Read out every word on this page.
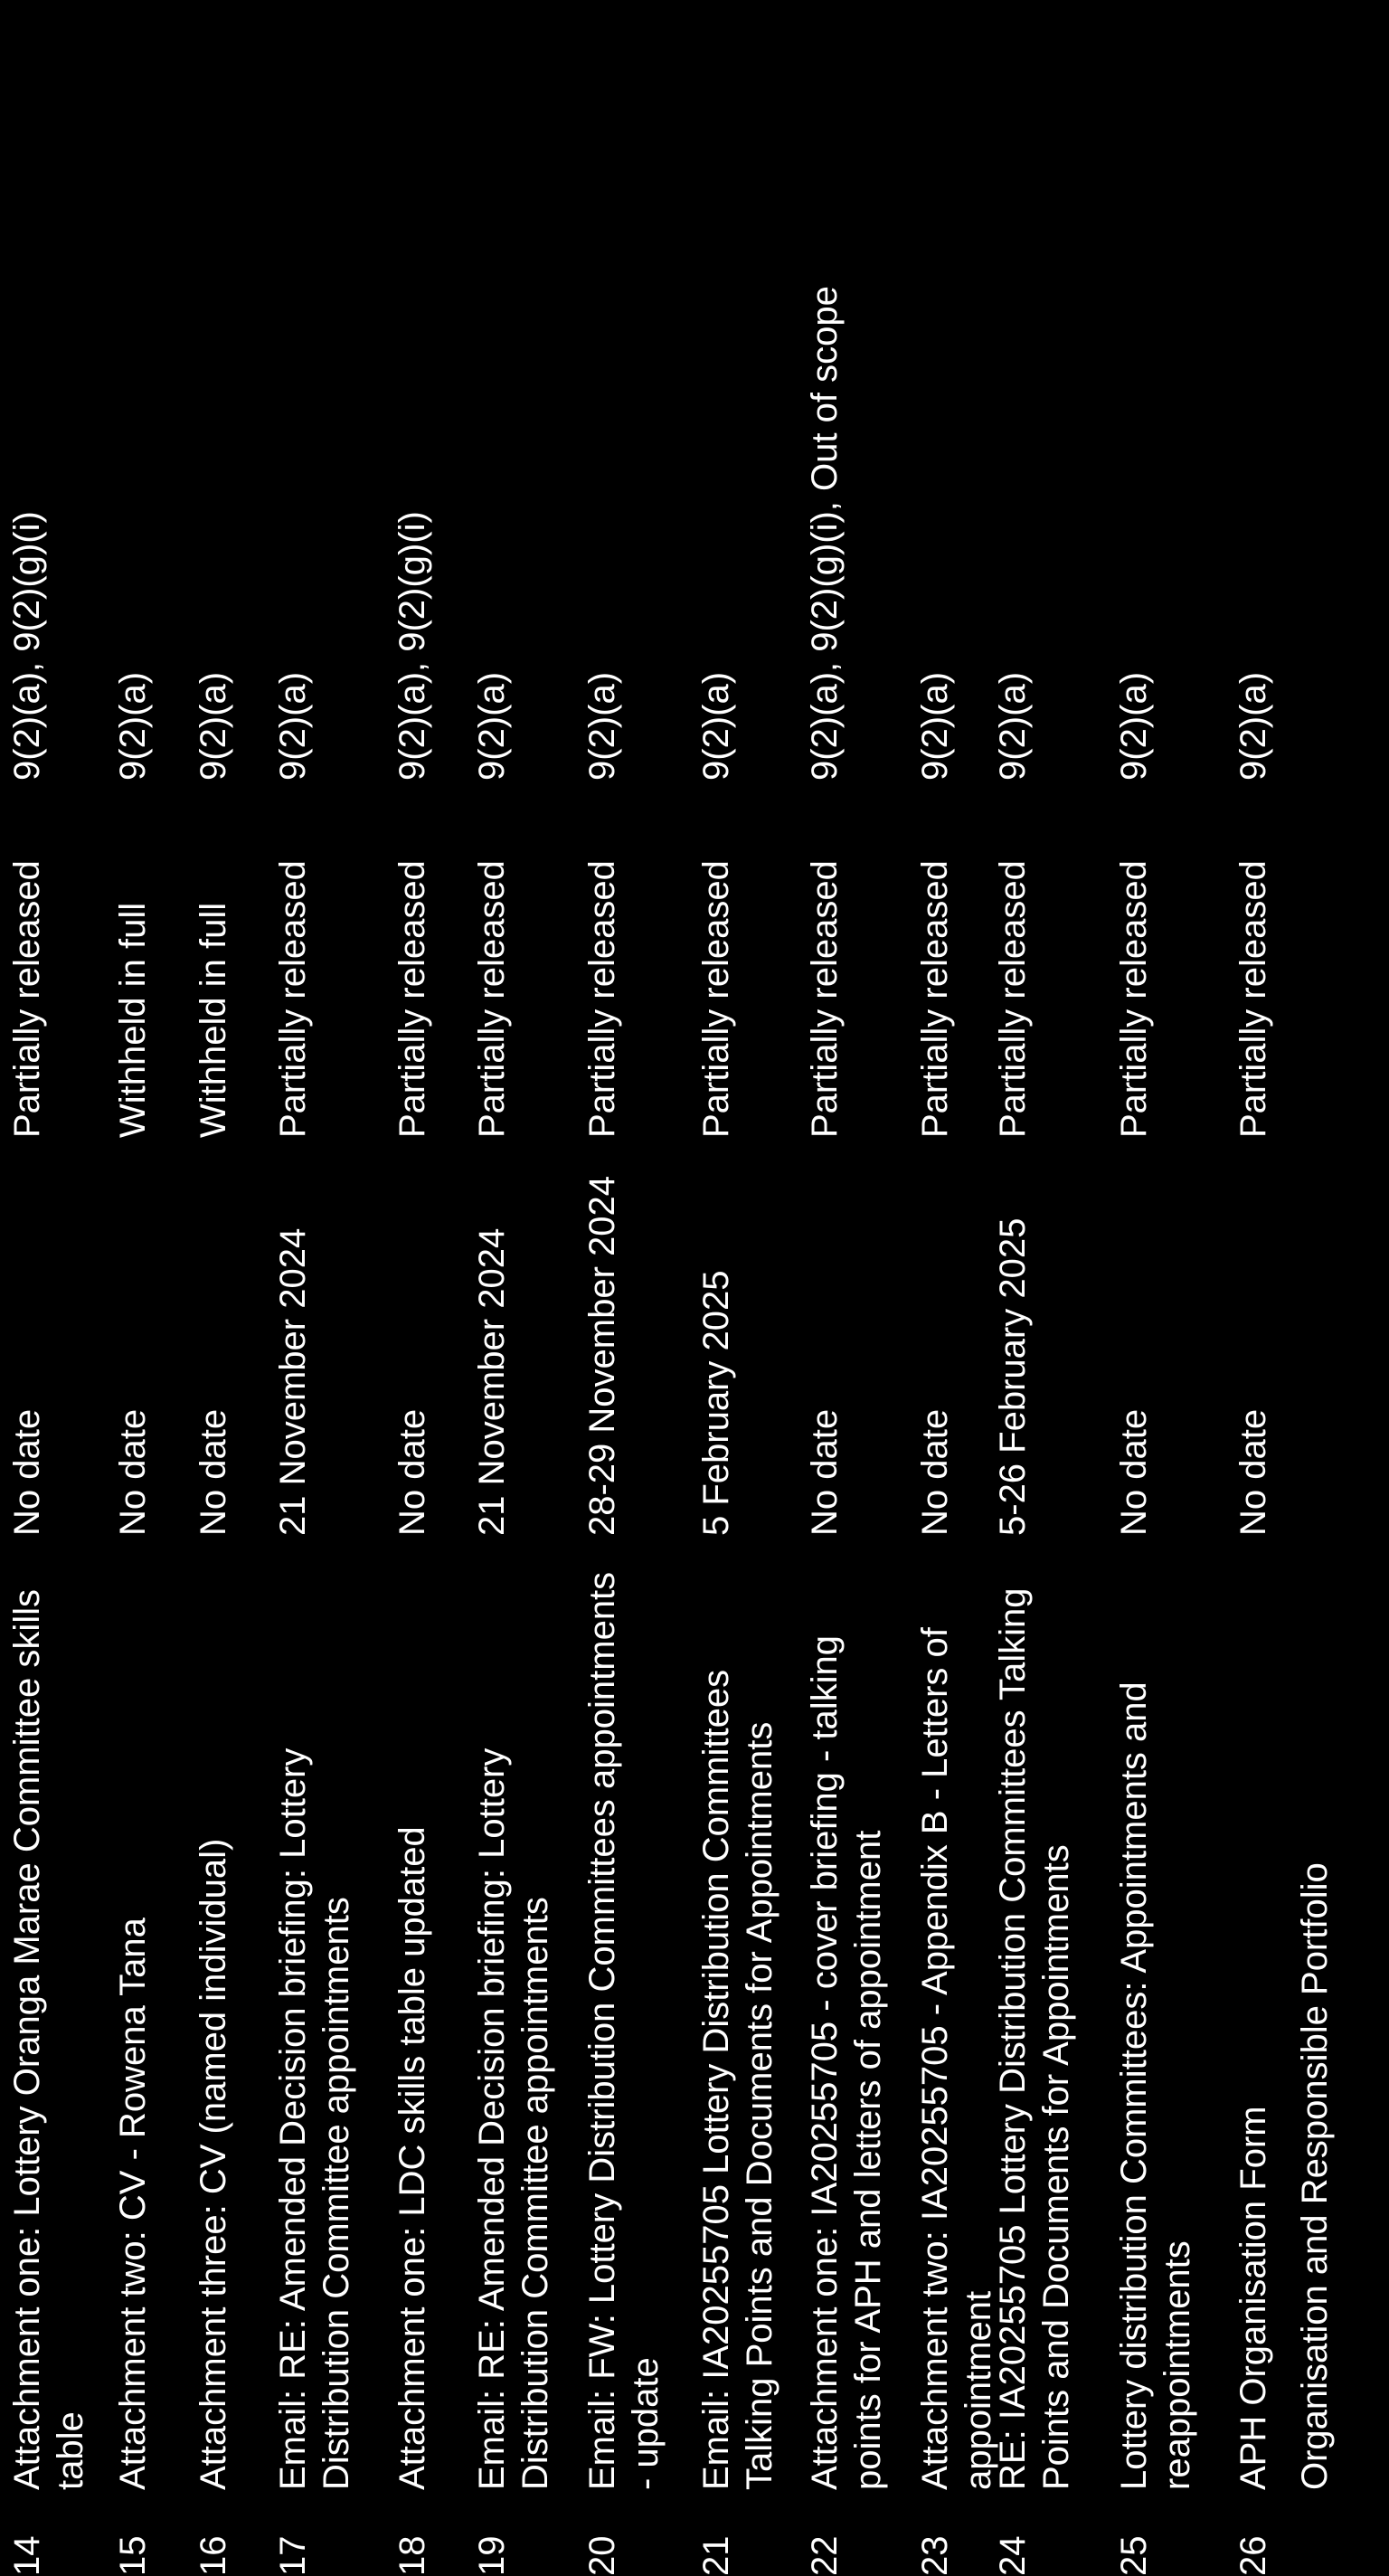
14
Attachment one: Lottery Oranga Marae Committee skills table
No date
Partially released
9(2)(a), 9(2)(g)(i)
15
Attachment two: CV - Rowena Tana
No date
Withheld in full
9(2)(a)
16
Attachment three: CV (named individual)
No date
Withheld in full
9(2)(a)
17
Email: RE: Amended Decision briefing: Lottery Distribution Committee appointments
21 November 2024
Partially released
9(2)(a)
18
Attachment one: LDC skills table updated
No date
Partially released
9(2)(a), 9(2)(g)(i)
19
Email: RE: Amended Decision briefing: Lottery Distribution Committee appointments
21 November 2024
Partially released
9(2)(a)
20
Email: FW: Lottery Distribution Committees appointments - update
28-29 November 2024
Partially released
9(2)(a)
21
Email: IA20255705 Lottery Distribution Committees Talking Points and Documents for Appointments
5 February 2025
Partially released
9(2)(a)
22
Attachment one: IA20255705 - cover briefing - talking points for APH and letters of appointment
No date
Partially released
9(2)(a), 9(2)(g)(i), Out of scope
23
Attachment two: IA20255705 - Appendix B - Letters of appointment
No date
Partially released
9(2)(a)
24
RE: IA20255705 Lottery Distribution Committees Talking Points and Documents for Appointments
5-26 February 2025
Partially released
9(2)(a)
25
Lottery distribution Committees: Appointments and reappointments
No date
Partially released
9(2)(a)
26
APH Organisation Form
No date
Partially released
9(2)(a)
Organisation and Responsible Portfolio
